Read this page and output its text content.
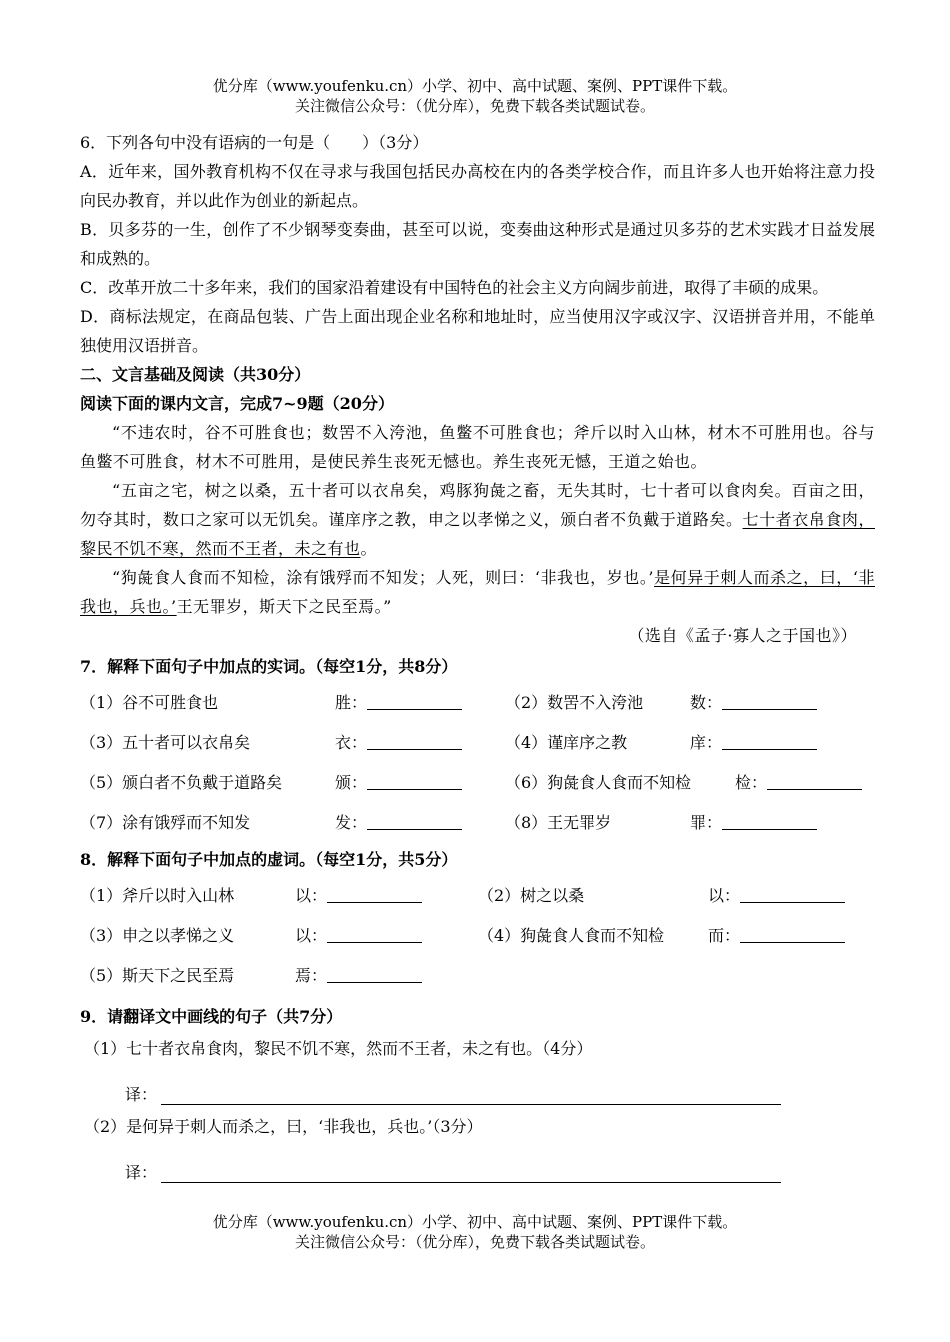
优分库（www.youfenku.cn）小学、初中、高中试题、案例、PPT课件下载。
关注微信公众号：（优分库），免费下载各类试题试卷。

6．下列各句中没有语病的一句是（　　）（3分）

A．近年来，国外教育机构不仅在寻求与我国包括民办高校在内的各类学校合作，而且许多人也开始将注意力投向民办教育，并以此作为创业的新起点。

B．贝多芬的一生，创作了不少钢琴变奏曲，甚至可以说，变奏曲这种形式是通过贝多芬的艺术实践才日益发展和成熟的。

C．改革开放二十多年来，我们的国家沿着建设有中国特色的社会主义方向阔步前进，取得了丰硕的成果。

D．商标法规定，在商品包装、广告上面出现企业名称和地址时，应当使用汉字或汉字、汉语拼音并用，不能单独使用汉语拼音。

二、文言基础及阅读（共30分）

阅读下面的课内文言，完成7~9题（20分）

“不违农时，谷不可胜食也；数罟不入洿池，鱼鳖不可胜食也；斧斤以时入山林，材木不可胜用也。谷与鱼鳖不可胜食，材木不可胜用，是使民养生丧死无憾也。养生丧死无憾，王道之始也。

“五亩之宅，树之以桑，五十者可以衣帛矣，鸡豚狗彘之畜，无失其时，七十者可以食肉矣。百亩之田，勿夺其时，数口之家可以无饥矣。谨庠序之教，申之以孝悌之义，颁白者不负戴于道路矣。七十者衣帛食肉，黎民不饥不寒，然而不王者，未之有也。

“狗彘食人食而不知检，涂有饿殍而不知发；人死，则曰：‘非我也，岁也。’是何异于刺人而杀之，曰，‘非我也，兵也。’王无罪岁，斯天下之民至焉。”

（选自《孟子·寡人之于国也》）

7．解释下面句子中加点的实词。（每空1分，共8分）

（1）谷不可胜食也	胜：	（2）数罟不入洿池	数：
（3）五十者可以衣帛矣	衣：	（4）谨庠序之教	庠：
（5）颁白者不负戴于道路矣	颁：	（6）狗彘食人食而不知检	检：
（7）涂有饿殍而不知发	发：	（8）王无罪岁	罪：

8．解释下面句子中加点的虚词。（每空1分，共5分）

（1）斧斤以时入山林	以：	（2）树之以桑	以：
（3）申之以孝悌之义	以：	（4）狗彘食人食而不知检	而：
（5）斯天下之民至焉	焉：

9．请翻译文中画线的句子（共7分）

（1）七十者衣帛食肉，黎民不饥不寒，然而不王者，未之有也。（4分）

译：

（2）是何异于刺人而杀之，曰，‘非我也，兵也。’（3分）

译：
优分库（www.youfenku.cn）小学、初中、高中试题、案例、PPT课件下载。
关注微信公众号：（优分库），免费下载各类试题试卷。
